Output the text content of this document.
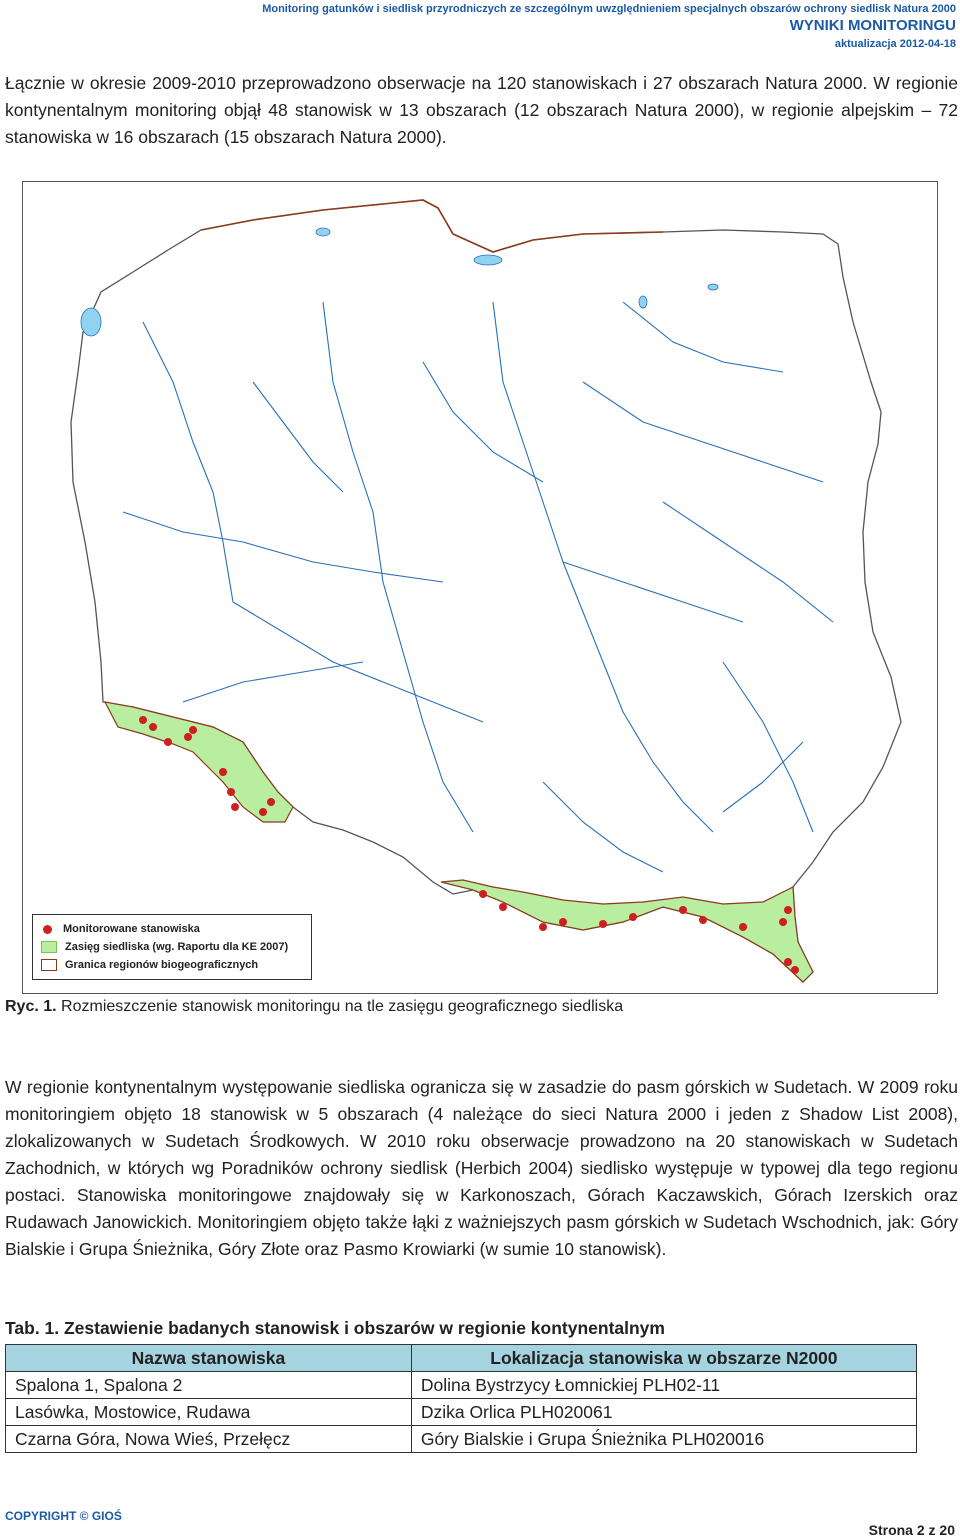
Monitoring gatunków i siedlisk przyrodniczych ze szczególnym uwzględnieniem specjalnych obszarów ochrony siedlisk Natura 2000
WYNIKI MONITORINGU
aktualizacja 2012-04-18
Łącznie w okresie 2009-2010 przeprowadzono obserwacje na 120 stanowiskach i 27 obszarach Natura 2000. W regionie kontynentalnym monitoring objął 48 stanowisk w 13 obszarach (12 obszarach Natura 2000), w regionie alpejskim – 72 stanowiska w 16 obszarach (15 obszarach Natura 2000).
Monitorowane stanowiska
Zasięg siedliska (wg. Raportu dla KE 2007)
Granica regionów biogeograficznych
Ryc. 1. Rozmieszczenie stanowisk monitoringu na tle zasięgu geograficznego siedliska
W regionie kontynentalnym występowanie siedliska ogranicza się w zasadzie do pasm górskich w Sudetach. W 2009 roku monitoringiem objęto 18 stanowisk w 5 obszarach (4 należące do sieci Natura 2000 i jeden z Shadow List 2008), zlokalizowanych w Sudetach Środkowych. W 2010 roku obserwacje prowadzono na 20 stanowiskach w Sudetach Zachodnich, w których wg Poradników ochrony siedlisk (Herbich 2004) siedlisko występuje w typowej dla tego regionu postaci. Stanowiska monitoringowe znajdowały się w Karkonoszach, Górach Kaczawskich, Górach Izerskich oraz Rudawach Janowickich. Monitoringiem objęto także łąki z ważniejszych pasm górskich w Sudetach Wschodnich, jak: Góry Bialskie i Grupa Śnieżnika, Góry Złote oraz Pasmo Krowiarki (w sumie 10 stanowisk).
Tab. 1. Zestawienie badanych stanowisk i obszarów w regionie kontynentalnym
Nazwa stanowiska	Lokalizacja stanowiska w obszarze N2000
Spalona 1, Spalona 2	Dolina Bystrzycy Łomnickiej PLH02-11
Lasówka, Mostowice, Rudawa	Dzika Orlica PLH020061
Czarna Góra, Nowa Wieś, Przełęcz	Góry Bialskie i Grupa Śnieżnika PLH020016
COPYRIGHT © GIOŚ
Strona 2 z 20
